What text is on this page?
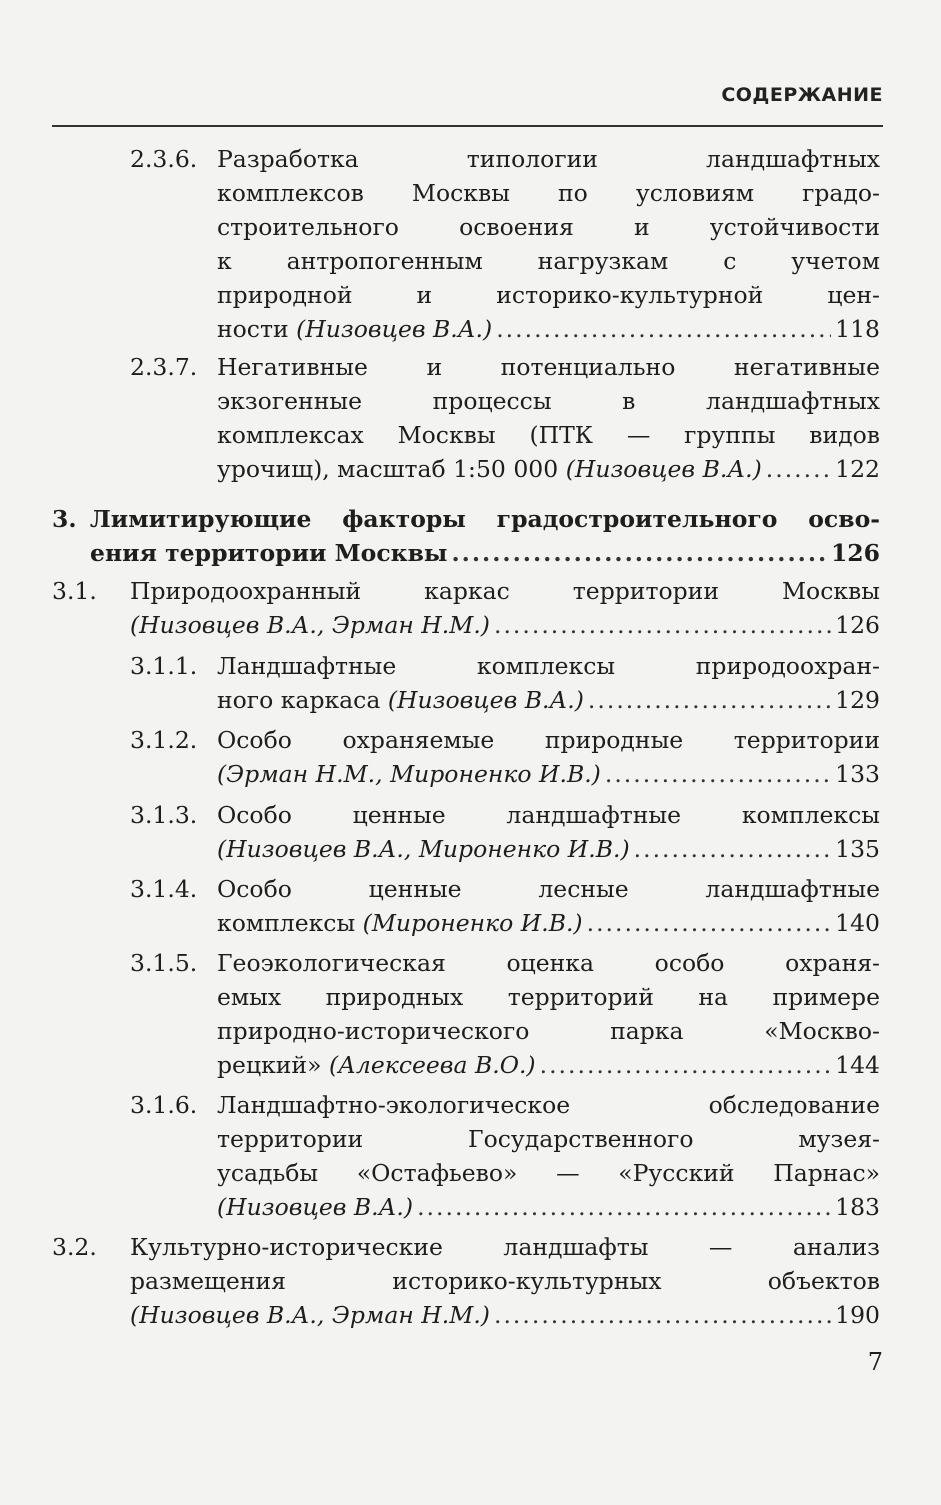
СОДЕРЖАНИЕ
2.3.6. Разработка типологии ландшафтных
комплексов Москвы по условиям градо-
строительного освоения и устойчивости
к антропогенным нагрузкам с учетом
природной и историко-культурной цен-
ности (Низовцев В.А.) .....	118
2.3.7. Негативные и потенциально негативные
экзогенные процессы в ландшафтных
комплексах Москвы (ПТК — группы видов
урочищ), масштаб 1:50 000 (Низовцев В.А.) .....	122
3. Лимитирующие факторы градостроительного осво-
ения территории Москвы .....	126
3.1. Природоохранный каркас территории Москвы
(Низовцев В.А., Эрман Н.М.) .....	126
3.1.1. Ландшафтные комплексы природоохран-
ного каркаса (Низовцев В.А.) .....	129
3.1.2. Особо охраняемые природные территории
(Эрман Н.М., Мироненко И.В.) .....	133
3.1.3. Особо ценные ландшафтные комплексы
(Низовцев В.А., Мироненко И.В.) .....	135
3.1.4. Особо ценные лесные ландшафтные
комплексы (Мироненко И.В.) .....	140
3.1.5. Геоэкологическая оценка особо охраня-
емых природных территорий на примере
природно-исторического парка «Москво-
рецкий» (Алексеева В.О.) .....	144
3.1.6. Ландшафтно-экологическое обследование
территории Государственного музея-
усадьбы «Остафьево» — «Русский Парнас»
(Низовцев В.А.) .....	183
3.2. Культурно-исторические ландшафты — анализ
размещения историко-культурных объектов
(Низовцев В.А., Эрман Н.М.) .....	190
7
